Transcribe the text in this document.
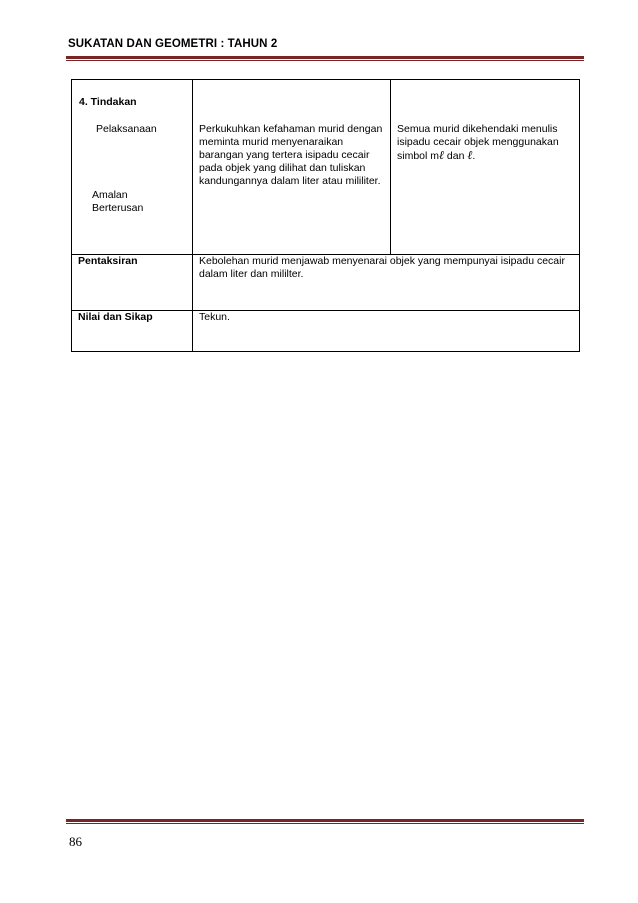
SUKATAN DAN GEOMETRI : TAHUN 2
4. Tindakan
Pelaksanaan
Amalan Berterusan	Perkukuhkan kefahaman murid dengan meminta murid menyenaraikan barangan yang tertera isipadu cecair pada objek yang dilihat dan tuliskan kandungannya dalam liter atau mililiter.	Semua murid dikehendaki menulis isipadu cecair objek menggunakan simbol mℓ dan ℓ.
Pentaksiran	Kebolehan murid menjawab menyenarai objek yang mempunyai isipadu cecair dalam liter dan mililter.	
Nilai dan Sikap	Tekun.	
86
